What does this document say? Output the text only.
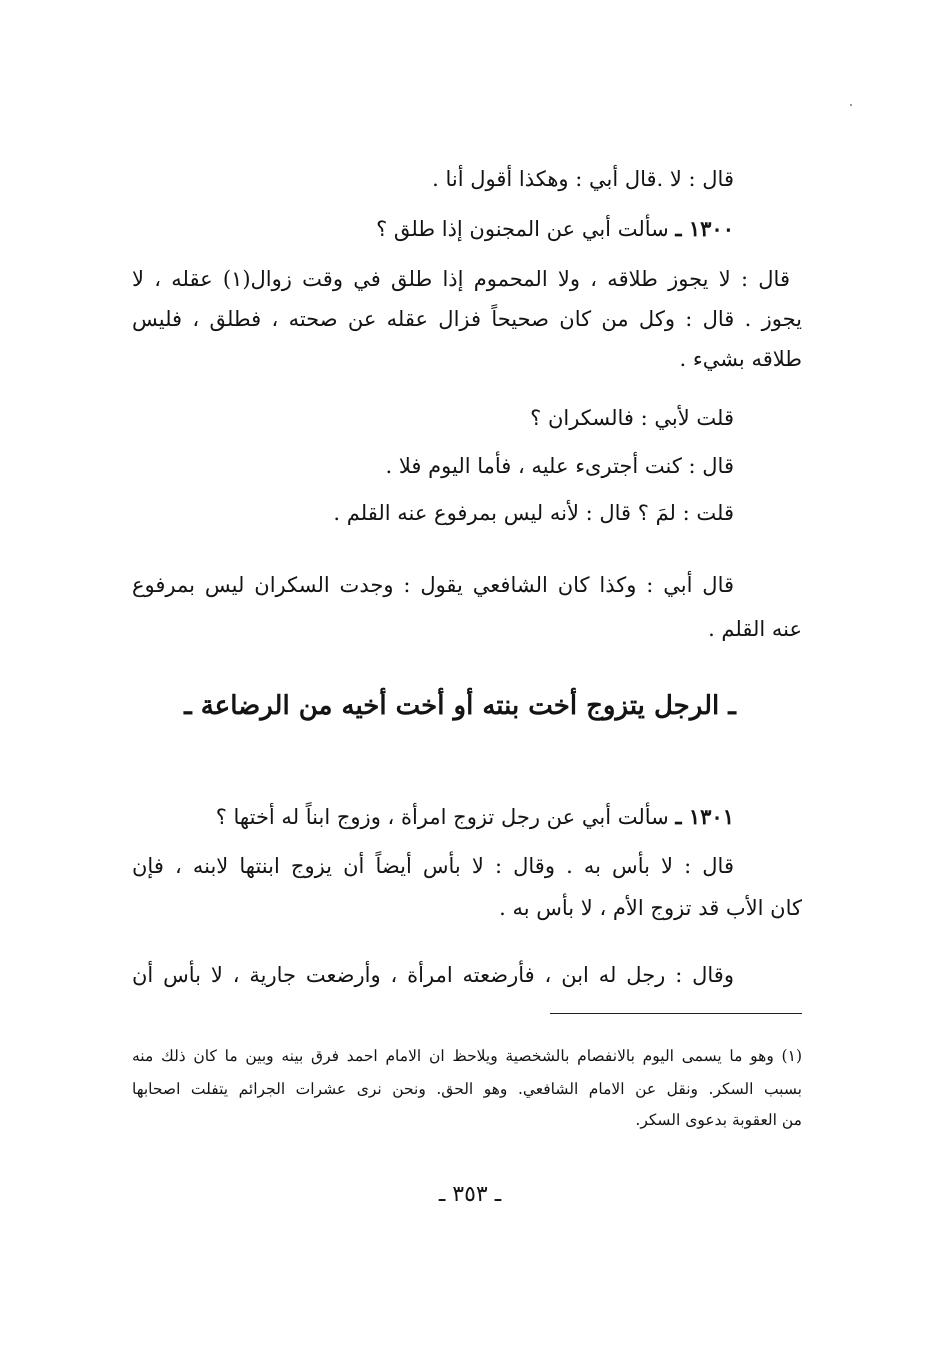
قال : لا .قال أبي : وهكذا أقول أنا .
١٣٠٠ ـ سألت أبي عن المجنون إذا طلق ؟
قال : لا يجوز طلاقه ، ولا المحموم إذا طلق في وقت زوال(١) عقله ، لا
يجوز . قال : وكل من كان صحيحاً فزال عقله عن صحته ، فطلق ، فليس
طلاقه بشيء .
قلت لأبي : فالسكران ؟
قال : كنت أجترىء عليه ، فأما اليوم فلا .
قلت : لمَ ؟ قال : لأنه ليس بمرفوع عنه القلم .
قال أبي : وكذا كان الشافعي يقول : وجدت السكران ليس بمرفوع
عنه القلم .
ـ الرجل يتزوج أخت بنته أو أخت أخيه من الرضاعة ـ
١٣٠١ ـ سألت أبي عن رجل تزوج امرأة ، وزوج ابناً له أختها ؟
قال : لا بأس به . وقال : لا بأس أيضاً أن يزوج ابنتها لابنه ، فإن
كان الأب قد تزوج الأم ، لا بأس به .
وقال : رجل له ابن ، فأرضعته امرأة ، وأرضعت جارية ، لا بأس أن
(١) وهو ما يسمى اليوم بالانفصام بالشخصية ويلاحظ ان الامام احمد فرق بينه وبين ما كان ذلك منه
بسبب السكر. ونقل عن الامام الشافعي. وهو الحق. ونحن نرى عشرات الجرائم يتفلت اصحابها
من العقوبة بدعوى السكر.
ـ ٣٥٣ ـ
